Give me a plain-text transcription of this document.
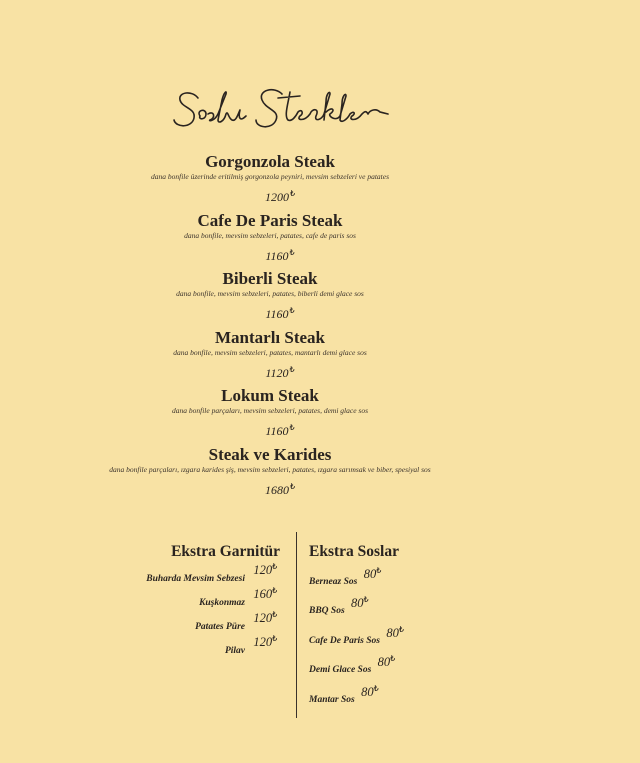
Gorgonzola Steak
dana bonfile üzerinde eritilmiş gorgonzola peyniri, mevsim sebzeleri ve patates
1200₺
Cafe De Paris Steak
dana bonfile, mevsim sebzeleri, patates, cafe de paris sos
1160₺
Biberli Steak
dana bonfile, mevsim sebzeleri, patates, biberli demi glace sos
1160₺
Mantarlı Steak
dana bonfile, mevsim sebzeleri, patates, mantarlı demi glace sos
1120₺
Lokum Steak
dana bonfile parçaları, mevsim sebzeleri, patates, demi glace sos
1160₺
Steak ve Karides
dana bonfile parçaları, ızgara karides şiş, mevsim sebzeleri, patates, ızgara sarımsak ve biber, spesiyal sos
1680₺
Ekstra Garnitür Ekstra Soslar
Buharda Mevsim Sebzesi 120₺
Kuşkonmaz 160₺
Patates Püre 120₺
Pilav 120₺
Berneaz Sos 80₺
BBQ Sos 80₺
Cafe De Paris Sos 80₺
Demi Glace Sos 80₺
Mantar Sos 80₺
